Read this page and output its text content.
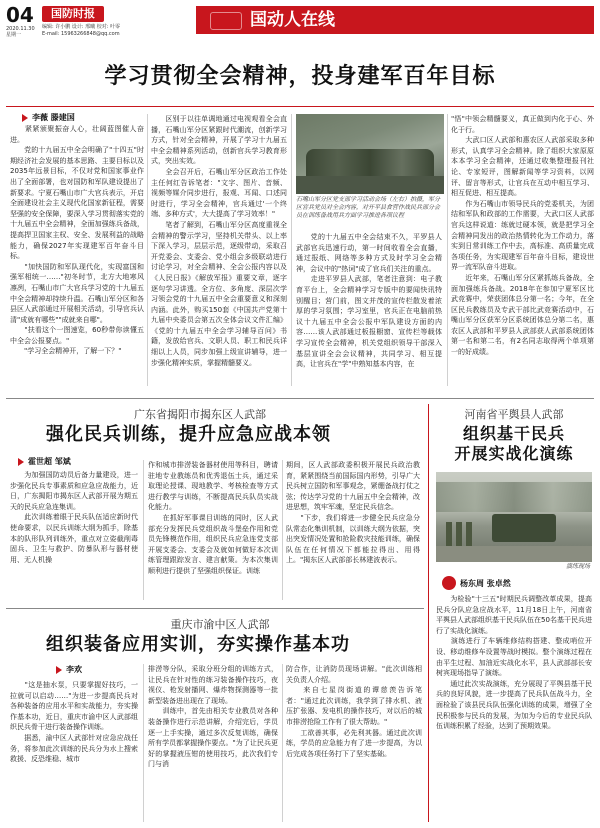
04
2020.11.30
星期一
国防时报
编辑: 许小鹏 设计: 邢曦 校对: 叶零
E-mail: 15963266848@qq.com
国动人在线
学习贯彻全会精神，投身建军百年目标
李薇 滕建国
　　紧紧颁聚振奋人心，壮阔蓝图催人奋进。
　　党的十九届五中全会明确了"十四五"时期经济社会发展的基本思路、主要目标以及2035年远景目标，不仅对党和国家事业作出了全面部署，也对国防和军队建设提出了新要求。宁夏石嘴山市广大官兵表示，开启全面建设社会主义现代化国家新征程，需要坚强的安全保障，要深入学习贯彻落实党的十九届五中全会精神，全面加强练兵备战，提高捍卫国家主权、安全、发展利益的战略能力，确保2027年实现建军百年奋斗目标。
　　"加快国防和军队现代化，实现富国和强军相统一……"初冬时节，北方大地寒风凛冽，石嘴山市广大官兵学习党的十九届五中全会精神却持续升温。石嘴山军分区和各县区人武部通过开展相关活动，引导官兵认清"成就有哪些""成就来自哪"。
　　"扶看这个一图速览，60秒带你读懂五中全会公报要点。"
　　"学习全会精神开，了解一下？"
　　区别于以往单调地通过电视观看全会直播，石嘴山军分区紧跟时代潮流，创新学习方式，针对全会精神，开展了学习十九届五中全会精神系列活动，创新官兵学习教育形式，突出实效。
　　全会召开后，石嘴山军分区政治工作处主任何红告诉笔者："文字、图片、音频、视频等媒介同步进行，报观、耳闻、口述同时进行，学习全会精神，官兵通过'一个终端、多种方式'，大大提高了学习效率！"
　　笔者了解到，石嘴山军分区高度重视全会精神的警示学习，坚持机关带头、以上率下深入学习，层层示范，逐级带动，采取召开党委会、支委会、党小组会多级联动进行讨论学习，对全会精神、全会公报内容以及《人民日报》《解放军报》重要文章，逐字逐句学习讲透。全方位、多角度、深层次学习领会党的十九届五中全会重要意义和深刻内涵。此外，购买150套《中国共产党第十九届中央委员会第五次全体会议文件汇编》《党的十九届五中全会学习辅导百问》书籍，发放给官兵、文职人员、职工和民兵详细以上人员，同步加强上级宣讲辅导，进一步强化精神实质，掌握精髓要义。
石嘴山军分区党支部学习活动会场（左右）拍摄，军分区官兵党员对全会内容，对开平县食营作战民兵部分会员在训练备战用兵方面学习推进各项议程
　　党的十九届五中全会结束不久，平罗县人武部官兵迅速行动，第一时间收看全会直播，通过报纸、网络等多种方式及时学习全会精神，会议中的"热词"成了官兵们关注的重点。
　　走进平罗县人武部，笔者注意到：电子教育平台上，全会精神学习专版中的要闻快讯特别醒目；营门前，图文并茂的宣传栏散发着浓厚的学习氛围；学习室里，官兵正在电脑前热议十九届五中全会公报中军队建设方面的内容……该人武部通过板报橱窗、宣传栏等载体学习宣传全会精神，机关党组织领导干部深入基层宣讲全会会议精神，共同学习、相互提高，让官兵在"学"中熟知基本内容，在
"悟"中领会精髓要义，真正做到内化于心、外化于行。
　　大武口区人武部和惠农区人武部采取多种形式，认真学习全会精神。除了组织大家原原本本学习全会精神，还通过收集整理报刊社论、专家短评，图解新闻等学习资料，以网评、留言等形式，让官兵在互动中相互学习、相互促进、相互提高。
　　作为石嘴山市领导民兵的党委机关，为团结和军队和政部的工作需要，大武口区人武部官兵这样说道：练就过硬本领，就是把学习全会精神同发出的政治热情转化为工作动力，落实到日常训练工作中去，高标准、高质量完成各项任务，为实现建军百年奋斗目标，建设世界一流军队奋斗进取。
　　近年来，石嘴山军分区紧抓练兵备战，全面加强练兵备战。2018年在参加宁夏军区比武竞赛中，荣获团体总分第一名；今年，在全区民兵教练员及专武干部比武竞赛活动中，石嘴山军分区获军分区系统团体总分第二名，惠农区人武部和平罗县人武部获人武部系统团体第一名和第二名，有2名同志取得两个单项第一的好成绩。
广东省揭阳市揭东区人武部
强化民兵训练，提升应急应战本领
霍世超 邹斌
　　为加强国防动员后备力量建设，进一步强化民兵专事素质和应急应战能力，近日，广东揭阳市揭东区人武部开展为期五天的民兵应急连集训。
　　此次训练着眼于民兵队伍适应新时代使命要求，以民兵训练大纲为抓手，除基本的队形队列训练外，重点对立姿截削毒固兵、卫生与救护、防暴队形与器材使用、无人机操
作和城市排涝装备器材使用等科目，聘请驻地专业教练员和优秀退伍士兵，通过采取理论授课、现地教学、考核检查等方式进行教学与训练，不断提高民兵队员实战化能力。
　　在抓好军事课目训练的同时，区人武部充分发挥民兵党组织战斗堡垒作用和党员先锋模范作用，组织民兵应急连党支部开展支委会、支委会及就如何做好本次训练管理跟踪发言、建言献策。为本次集训顺利进行提供了坚强组织保证。训练
期间，区人武部政委积极开展民兵政治教育，紧紧围绕当前国际国内形势，引导广大民兵树立国防和军事观念，紧绷备战打仗之弦；传达学习党的十九届五中全会精神，改进思想，筑牢军魂，坚定民兵信念。
　　"下步，我们将进一步健全民兵应急分队常态化集训机制，以训练大纲为依据，突出突发情况处置和抢险救灾技能训练，确保队伍在任何情况下都能拉得出、用得上。"揭东区人武部部长林建波表示。
河南省平舆县人武部
组织基干民兵
开展实战化演练
演练现场
杨东周 张卓然
　　为检验"十三五"时期民兵调整改革成果，提高民兵分队应急应战水平，11月18日上午，河南省平舆县人武部组织基干民兵队伍在50名基干民兵进行了实战化演练。
　　演练进行了车辆维修结构搭建、整成哨位开设、移动维修车设置等战时模拟。整个演练过程在由平生过程、加油近实战化水平，县人武部部长安树宾现场指导了演练。
　　通过此次实战演练，充分展现了平舆县基干民兵的良好风貌，进一步提高了民兵队伍战斗力，全面检验了该县民兵队伍强化训练的成果，增强了全民积极参与民兵的发展，为加为今后的专业民兵队伍训练积累了经验，达到了预期效果。
重庆市渝中区人武部
组织装备应用实训，夯实操作基本功
李欢
　　"这是抽水泵，只要掌握好技巧，一拉就可以启动……"为进一步提高民兵对各种装备的应用水平和实战能力，夯实操作基本功，近日，重庆市渝中区人武部组织民兵骨干进行装备操作训练。
　　据悉，渝中区人武部针对应急应战任务，将参加此次训练的民兵分为水上搜索救援、反恐维稳、城市
排涝等分队，采取分班分组的训练方式，让民兵在针对性的练习装备操作技巧，夜视仪、枪发射播网、爆炸物探测器等一批新型装备进出现在了现场。
　　训练中，首先由相关专业教员对各种装备操作进行示范讲解，介绍完后，学员逐一上手实操，通过多次反复训练，确保所有学员都掌握操作要点。"为了让民兵更好的掌握液压钳的使用技巧，此次我们专门与消
防合作，让消防员现场讲解。"此次训练相关负责人介绍。
　　来自七星岗街道的谭慈羡告诉笔者："通过此次训练，我学到了排水机、液压扩张器、发电机的操作技巧，对以后的城市排涝抢险工作有了很大帮助。"
　　工欲善其事，必先利其器。通过此次训练，学员的应急能力有了进一步提高，为以后完成各项任务打下了坚实基础。
